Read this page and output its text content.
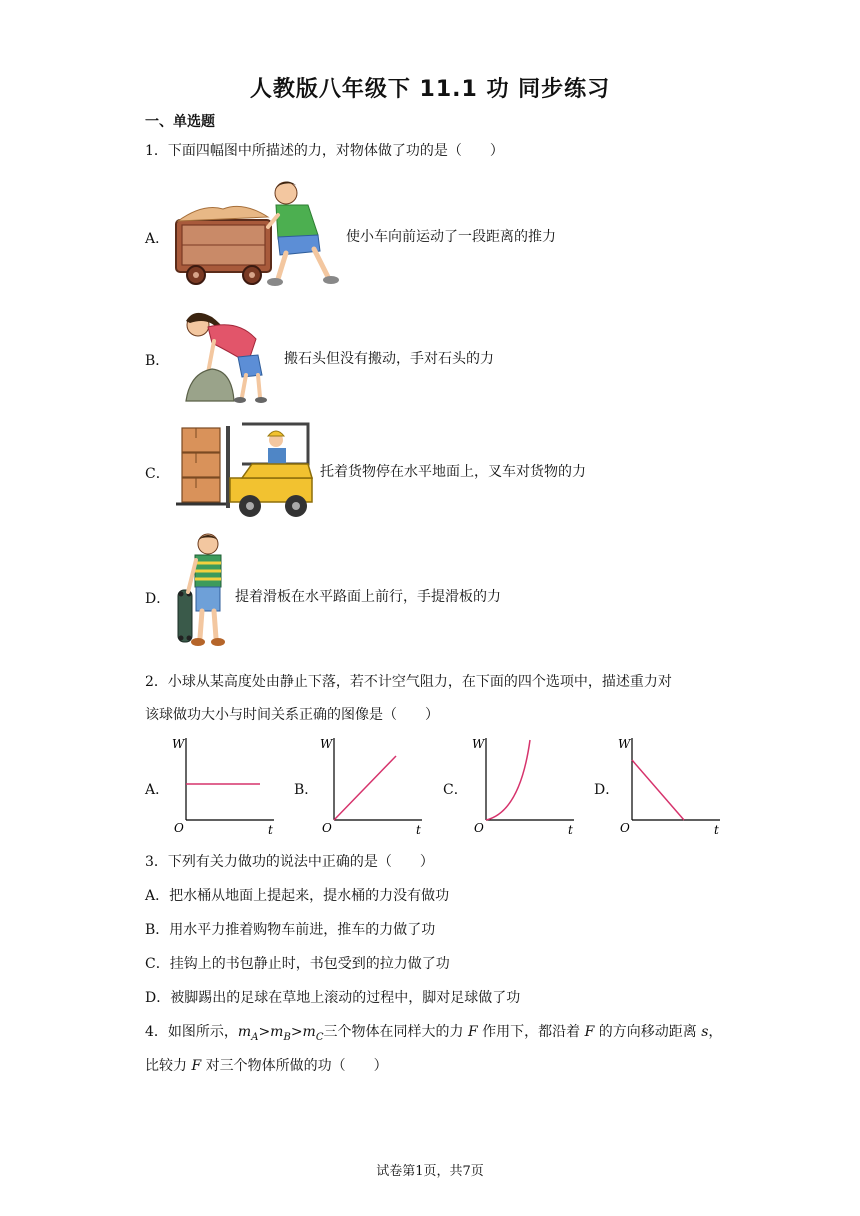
人教版八年级下 11.1 功 同步练习
一、单选题
1．下面四幅图中所描述的力，对物体做了功的是（　　）
A．	使小车向前运动了一段距离的推力
B．	搬石头但没有搬动，手对石头的力
C．	托着货物停在水平地面上，叉车对货物的力
D．	提着滑板在水平路面上前行，手提滑板的力
2．小球从某高度处由静止下落，若不计空气阻力，在下面的四个选项中，描述重力对
该球做功大小与时间关系正确的图像是（　　）
A．	B．	C．	D．
W
t
O
W
t
O
W
t
O
W
t
O
3．下列有关力做功的说法中正确的是（　　）
A．把水桶从地面上提起来，提水桶的力没有做功
B．用水平力推着购物车前进，推车的力做了功
C．挂钩上的书包静止时，书包受到的拉力做了功
D．被脚踢出的足球在草地上滚动的过程中，脚对足球做了功
4．如图所示，$m_A>m_B>m_C$三个物体在同样大的力 F 作用下，都沿着 F 的方向移动距离 s，
比较力 F 对三个物体所做的功（　　）
试卷第1页，共7页
